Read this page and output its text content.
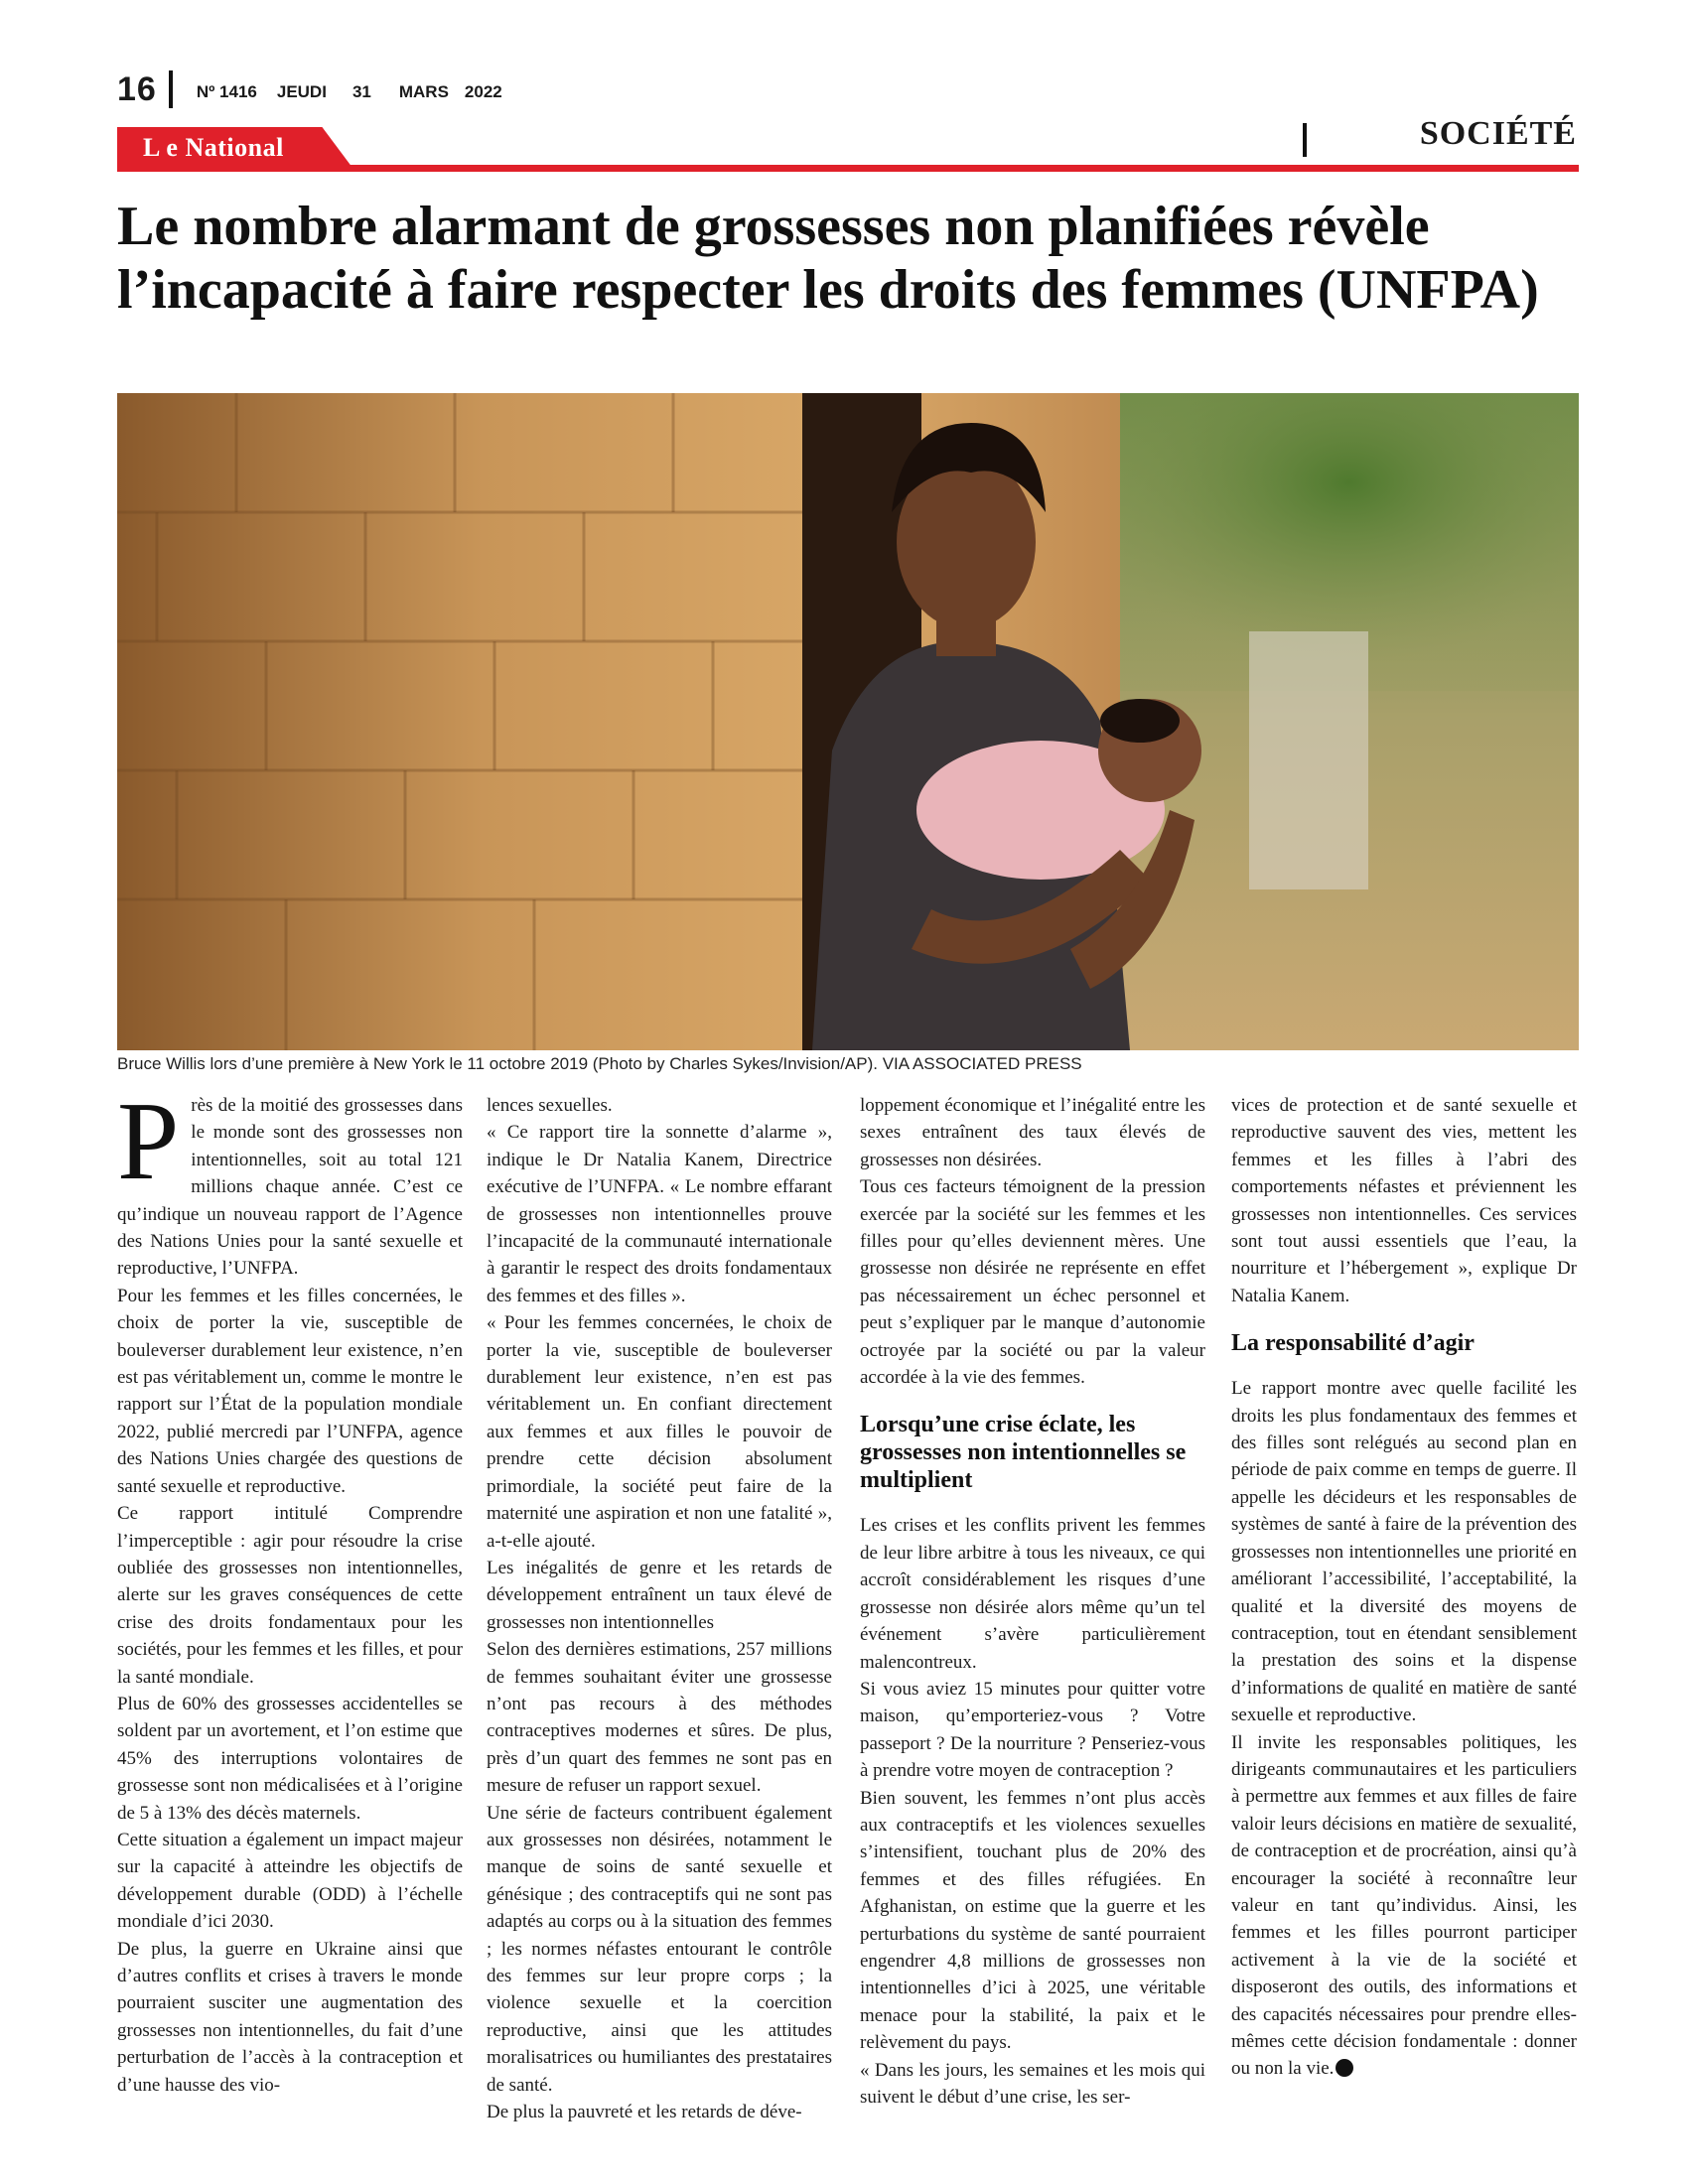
16 Nº 1416 JEUDI 31 MARS 2022
L e National	SOCIÉTÉ
Le nombre alarmant de grossesses non planifiées révèle l’incapacité à faire respecter les droits des femmes (UNFPA)
Bruce Willis lors d’une première à New York le 11 octobre 2019 (Photo by Charles Sykes/Invision/AP). VIA ASSOCIATED PRESS

Près de la moitié des grossesses dans le monde sont des grossesses non intentionnelles, soit au total 121 millions chaque année. C’est ce qu’indique un nouveau rapport de l’Agence des Nations Unies pour la santé sexuelle et reproductive, l’UNFPA.

Pour les femmes et les filles concernées, le choix de porter la vie, susceptible de bouleverser durablement leur existence, n’en est pas véritablement un, comme le montre le rapport sur l’État de la population mondiale 2022, publié mercredi par l’UNFPA, agence des Nations Unies chargée des questions de santé sexuelle et reproductive.

Ce rapport intitulé Comprendre l’imperceptible : agir pour résoudre la crise oubliée des grossesses non intentionnelles, alerte sur les graves conséquences de cette crise des droits fondamentaux pour les sociétés, pour les femmes et les filles, et pour la santé mondiale.

Plus de 60% des grossesses accidentelles se soldent par un avortement, et l’on estime que 45% des interruptions volontaires de grossesse sont non médicalisées et à l’origine de 5 à 13% des décès maternels.

Cette situation a également un impact majeur sur la capacité à atteindre les objectifs de développement durable (ODD) à l’échelle mondiale d’ici 2030.

De plus, la guerre en Ukraine ainsi que d’autres conflits et crises à travers le monde pourraient susciter une augmentation des grossesses non intentionnelles, du fait d’une perturbation de l’accès à la contraception et d’une hausse des vio-

lences sexuelles.

« Ce rapport tire la sonnette d’alarme », indique le Dr Natalia Kanem, Directrice exécutive de l’UNFPA. « Le nombre effarant de grossesses non intentionnelles prouve l’incapacité de la communauté internationale à garantir le respect des droits fondamentaux des femmes et des filles ».

« Pour les femmes concernées, le choix de porter la vie, susceptible de bouleverser durablement leur existence, n’en est pas véritablement un. En confiant directement aux femmes et aux filles le pouvoir de prendre cette décision absolument primordiale, la société peut faire de la maternité une aspiration et non une fatalité », a-t-elle ajouté.

Les inégalités de genre et les retards de développement entraînent un taux élevé de grossesses non intentionnelles

Selon des dernières estimations, 257 millions de femmes souhaitant éviter une grossesse n’ont pas recours à des méthodes contraceptives modernes et sûres. De plus, près d’un quart des femmes ne sont pas en mesure de refuser un rapport sexuel.

Une série de facteurs contribuent également aux grossesses non désirées, notamment le manque de soins de santé sexuelle et génésique ; des contraceptifs qui ne sont pas adaptés au corps ou à la situation des femmes ; les normes néfastes entourant le contrôle des femmes sur leur propre corps ; la violence sexuelle et la coercition reproductive, ainsi que les attitudes moralisatrices ou humiliantes des prestataires de santé.

De plus la pauvreté et les retards de déve-

loppement économique et l’inégalité entre les sexes entraînent des taux élevés de grossesses non désirées.

Tous ces facteurs témoignent de la pression exercée par la société sur les femmes et les filles pour qu’elles deviennent mères. Une grossesse non désirée ne représente en effet pas nécessairement un échec personnel et peut s’expliquer par le manque d’autonomie octroyée par la société ou par la valeur accordée à la vie des femmes.

Lorsqu’une crise éclate, les grossesses non intentionnelles se multiplient

Les crises et les conflits privent les femmes de leur libre arbitre à tous les niveaux, ce qui accroît considérablement les risques d’une grossesse non désirée alors même qu’un tel événement s’avère particulièrement malencontreux.

Si vous aviez 15 minutes pour quitter votre maison, qu’emporteriez-vous ? Votre passeport ? De la nourriture ? Penseriez-vous à prendre votre moyen de contraception ?

Bien souvent, les femmes n’ont plus accès aux contraceptifs et les violences sexuelles s’intensifient, touchant plus de 20% des femmes et des filles réfugiées. En Afghanistan, on estime que la guerre et les perturbations du système de santé pourraient engendrer 4,8 millions de grossesses non intentionnelles d’ici à 2025, une véritable menace pour la stabilité, la paix et le relèvement du pays.

« Dans les jours, les semaines et les mois qui suivent le début d’une crise, les ser-

vices de protection et de santé sexuelle et reproductive sauvent des vies, mettent les femmes et les filles à l’abri des comportements néfastes et préviennent les grossesses non intentionnelles. Ces services sont tout aussi essentiels que l’eau, la nourriture et l’hébergement », explique Dr Natalia Kanem.

La responsabilité d’agir

Le rapport montre avec quelle facilité les droits les plus fondamentaux des femmes et des filles sont relégués au second plan en période de paix comme en temps de guerre. Il appelle les décideurs et les responsables de systèmes de santé à faire de la prévention des grossesses non intentionnelles une priorité en améliorant l’accessibilité, l’acceptabilité, la qualité et la diversité des moyens de contraception, tout en étendant sensiblement la prestation des soins et la dispense d’informations de qualité en matière de santé sexuelle et reproductive.

Il invite les responsables politiques, les dirigeants communautaires et les particuliers à permettre aux femmes et aux filles de faire valoir leurs décisions en matière de sexualité, de contraception et de procréation, ainsi qu’à encourager la société à reconnaître leur valeur en tant qu’individus. Ainsi, les femmes et les filles pourront participer activement à la vie de la société et disposeront des outils, des informations et des capacités nécessaires pour prendre elles-mêmes cette décision fondamentale : donner ou non la vie.
